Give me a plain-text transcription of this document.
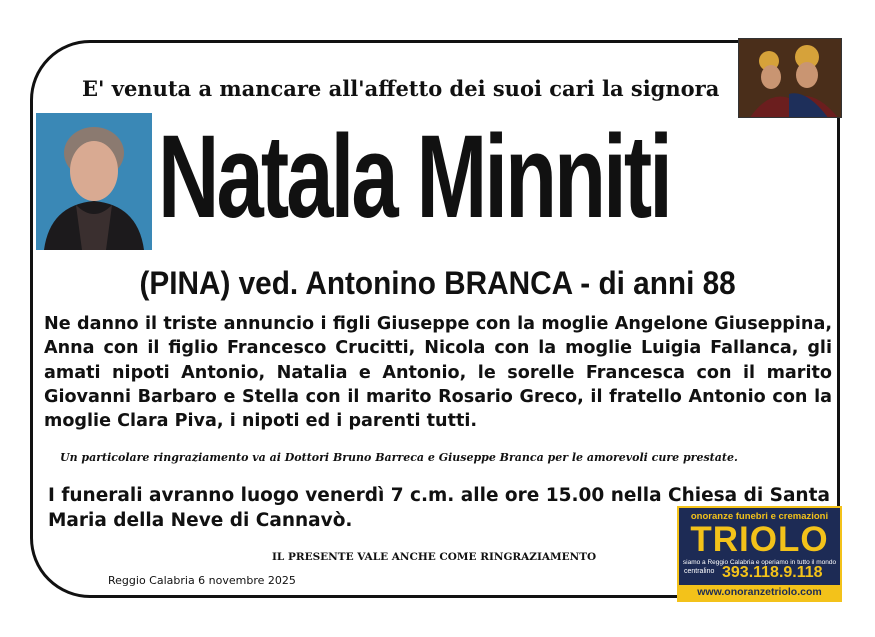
E' venuta a mancare all'affetto dei suoi cari la signora
Natala Minniti
(PINA) ved. Antonino BRANCA - di anni 88
Ne danno il triste annuncio i figli Giuseppe con la moglie Angelone Giuseppina, Anna con il figlio Francesco Crucitti, Nicola con la moglie Luigia Fallanca, gli amati nipoti Antonio, Natalia e Antonio, le sorelle Francesca con il marito Giovanni Barbaro e Stella con il marito Rosario Greco, il fratello Antonio con la moglie Clara Piva, i nipoti ed i parenti tutti.
Un particolare ringraziamento va ai Dottori Bruno Barreca e Giuseppe Branca per le amorevoli cure prestate.
I funerali avranno luogo venerdì 7 c.m. alle ore 15.00 nella Chiesa di Santa Maria della Neve di Cannavò.
IL PRESENTE VALE ANCHE COME RINGRAZIAMENTO
Reggio Calabria 6 novembre 2025
onoranze funebri e cremazioni
TRIOLO
siamo a Reggio Calabria e operiamo in tutto il mondo
centralino 393.118.9.118
www.onoranzetriolo.com
